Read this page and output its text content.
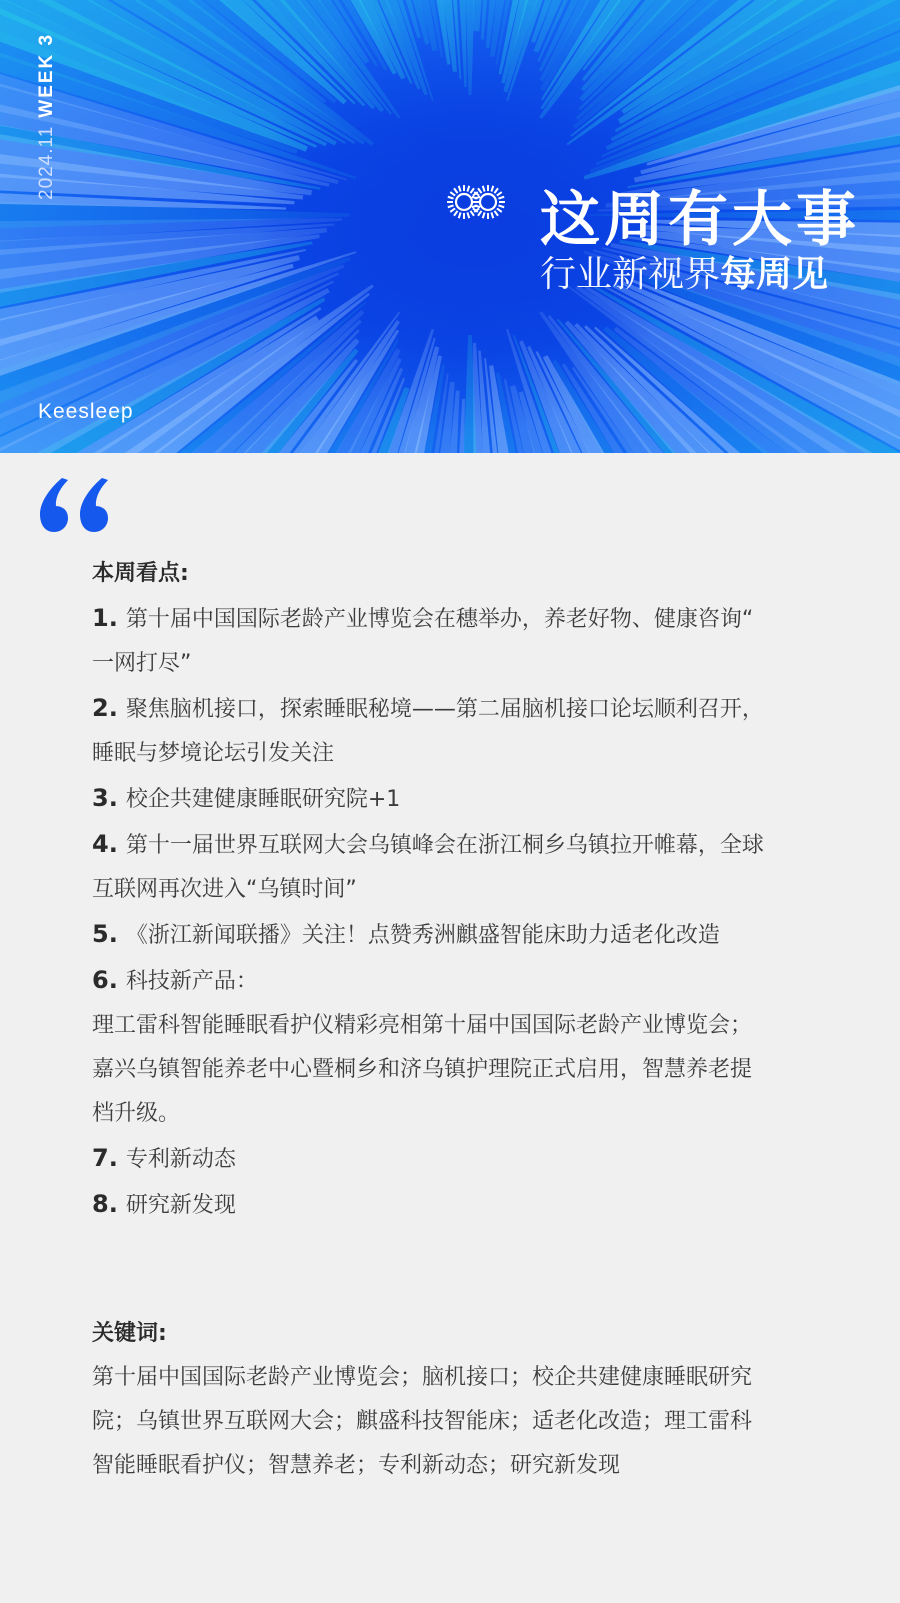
2024.11WEEK 3
这周有大事
行业新视界每周见
Keesleep
本周看点:
1. 第十届中国国际老龄产业博览会在穗举办，养老好物、健康咨询“
一网打尽”
2. 聚焦脑机接口，探索睡眠秘境——第二届脑机接口论坛顺利召开，
睡眠与梦境论坛引发关注
3. 校企共建健康睡眠研究院+1
4. 第十一届世界互联网大会乌镇峰会在浙江桐乡乌镇拉开帷幕，全球
互联网再次进入“乌镇时间”
5. 《浙江新闻联播》关注！点赞秀洲麒盛智能床助力适老化改造
6. 科技新产品：
理工雷科智能睡眠看护仪精彩亮相第十届中国国际老龄产业博览会；
嘉兴乌镇智能养老中心暨桐乡和济乌镇护理院正式启用，智慧养老提
档升级。
7. 专利新动态
8. 研究新发现
关键词:
第十届中国国际老龄产业博览会；脑机接口；校企共建健康睡眠研究
院；乌镇世界互联网大会；麒盛科技智能床；适老化改造；理工雷科
智能睡眠看护仪；智慧养老；专利新动态；研究新发现
